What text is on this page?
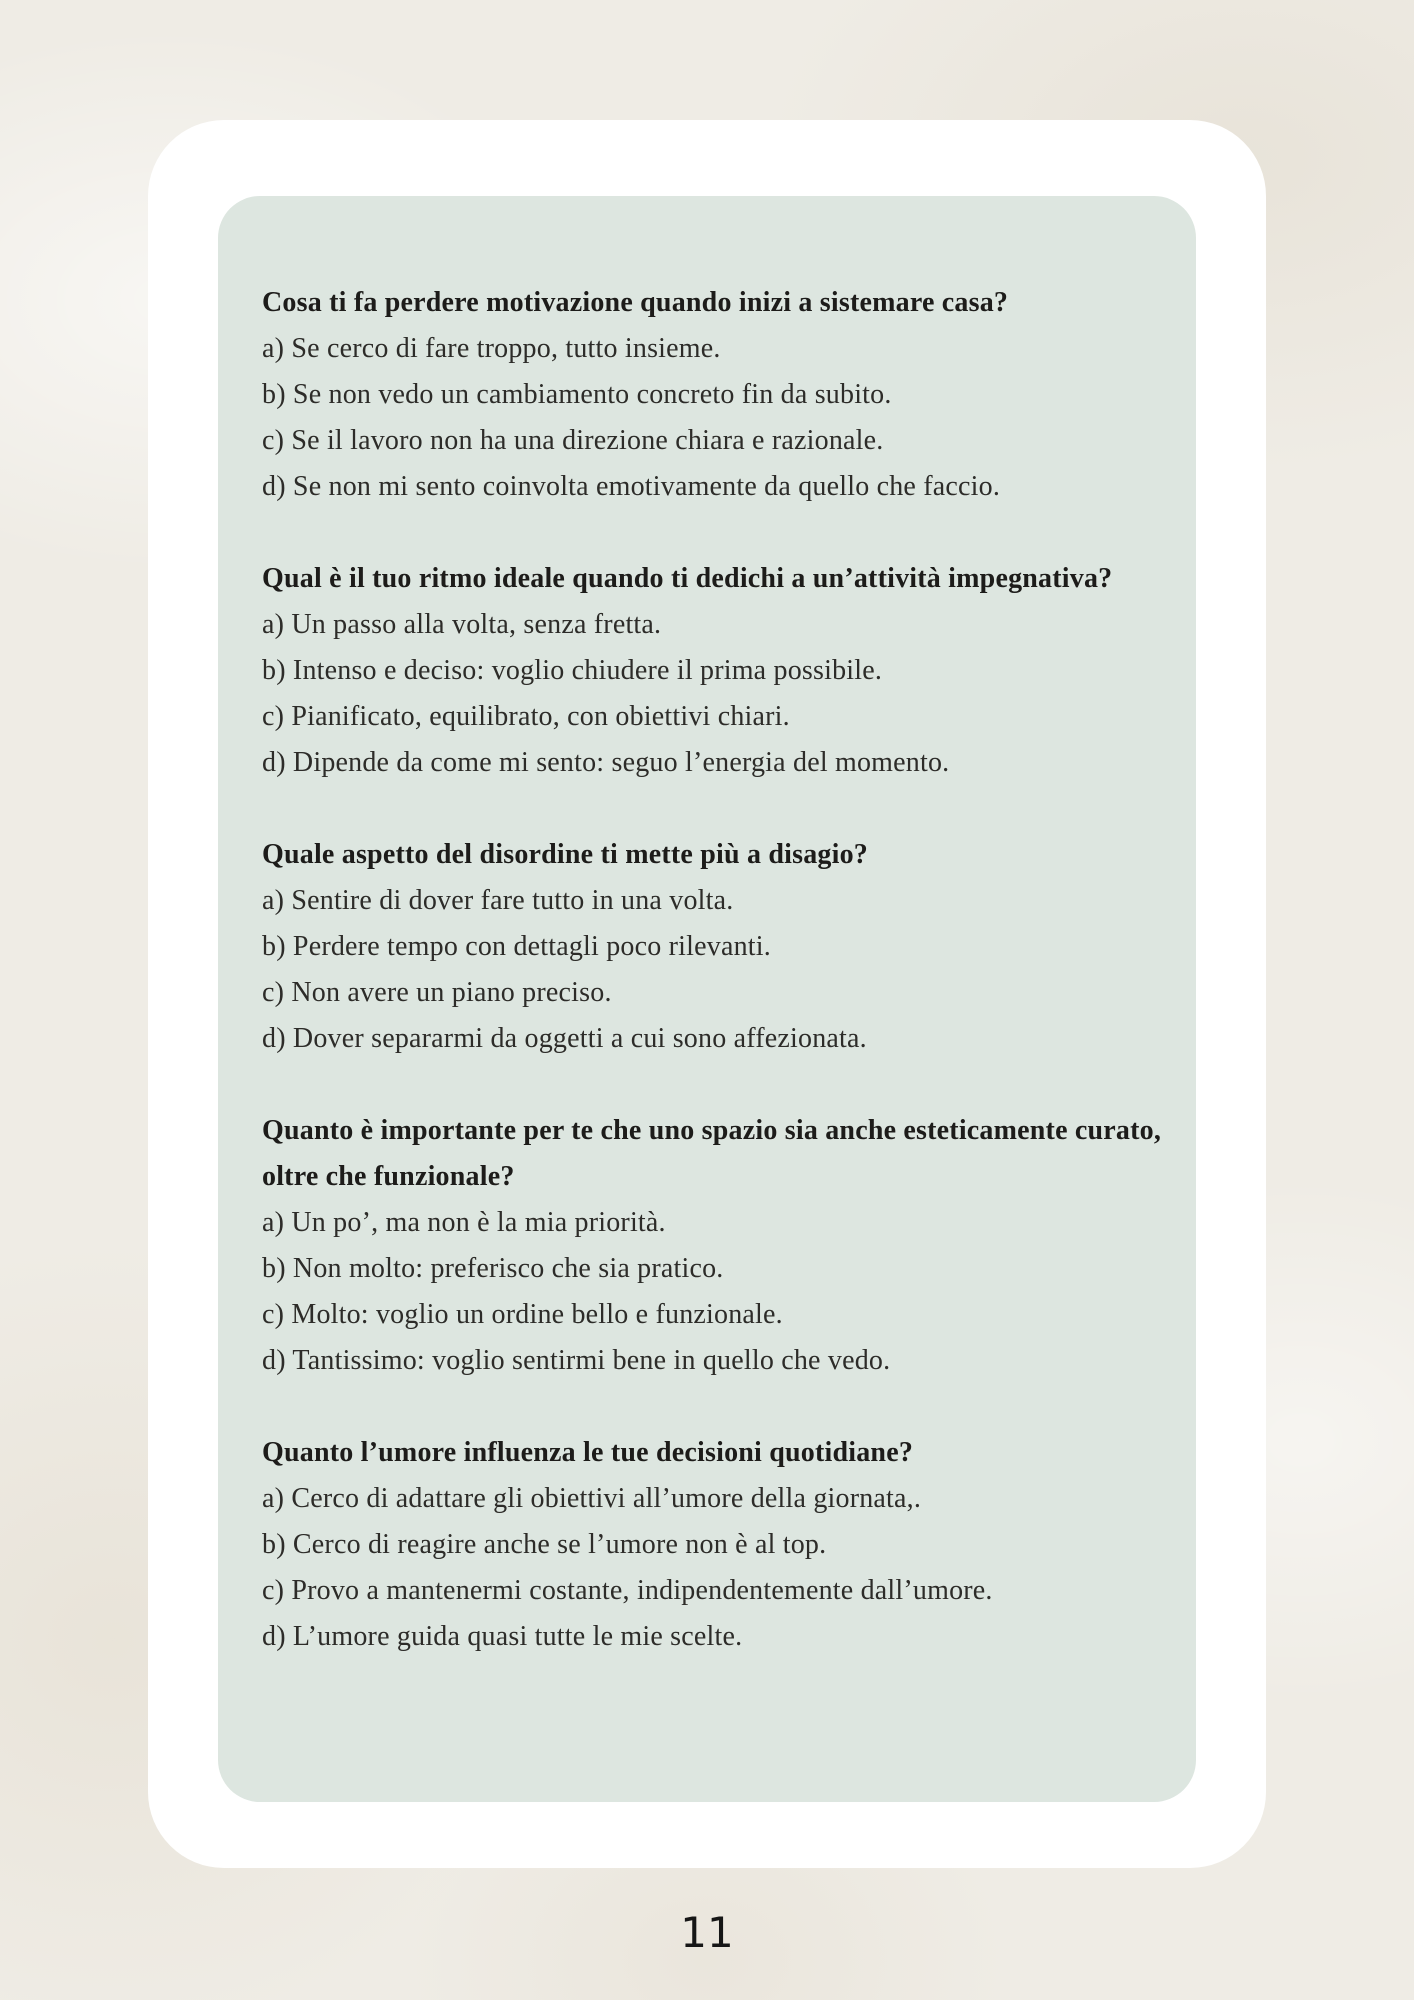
Cosa ti fa perdere motivazione quando inizi a sistemare casa?

a) Se cerco di fare troppo, tutto insieme.

b) Se non vedo un cambiamento concreto fin da subito.

c) Se il lavoro non ha una direzione chiara e razionale.

d) Se non mi sento coinvolta emotivamente da quello che faccio.

Qual è il tuo ritmo ideale quando ti dedichi a un’attività impegnativa?

a) Un passo alla volta, senza fretta.

b) Intenso e deciso: voglio chiudere il prima possibile.

c) Pianificato, equilibrato, con obiettivi chiari.

d) Dipende da come mi sento: seguo l’energia del momento.

Quale aspetto del disordine ti mette più a disagio?

a) Sentire di dover fare tutto in una volta.

b) Perdere tempo con dettagli poco rilevanti.

c) Non avere un piano preciso.

d) Dover separarmi da oggetti a cui sono affezionata.

Quanto è importante per te che uno spazio sia anche esteticamente curato, oltre che funzionale?

a) Un po’, ma non è la mia priorità.

b) Non molto: preferisco che sia pratico.

c) Molto: voglio un ordine bello e funzionale.

d) Tantissimo: voglio sentirmi bene in quello che vedo.

Quanto l’umore influenza le tue decisioni quotidiane?

a) Cerco di adattare gli obiettivi all’umore della giornata,.

b) Cerco di reagire anche se l’umore non è al top.

c) Provo a mantenermi costante, indipendentemente dall’umore.

d) L’umore guida quasi tutte le mie scelte.

11
